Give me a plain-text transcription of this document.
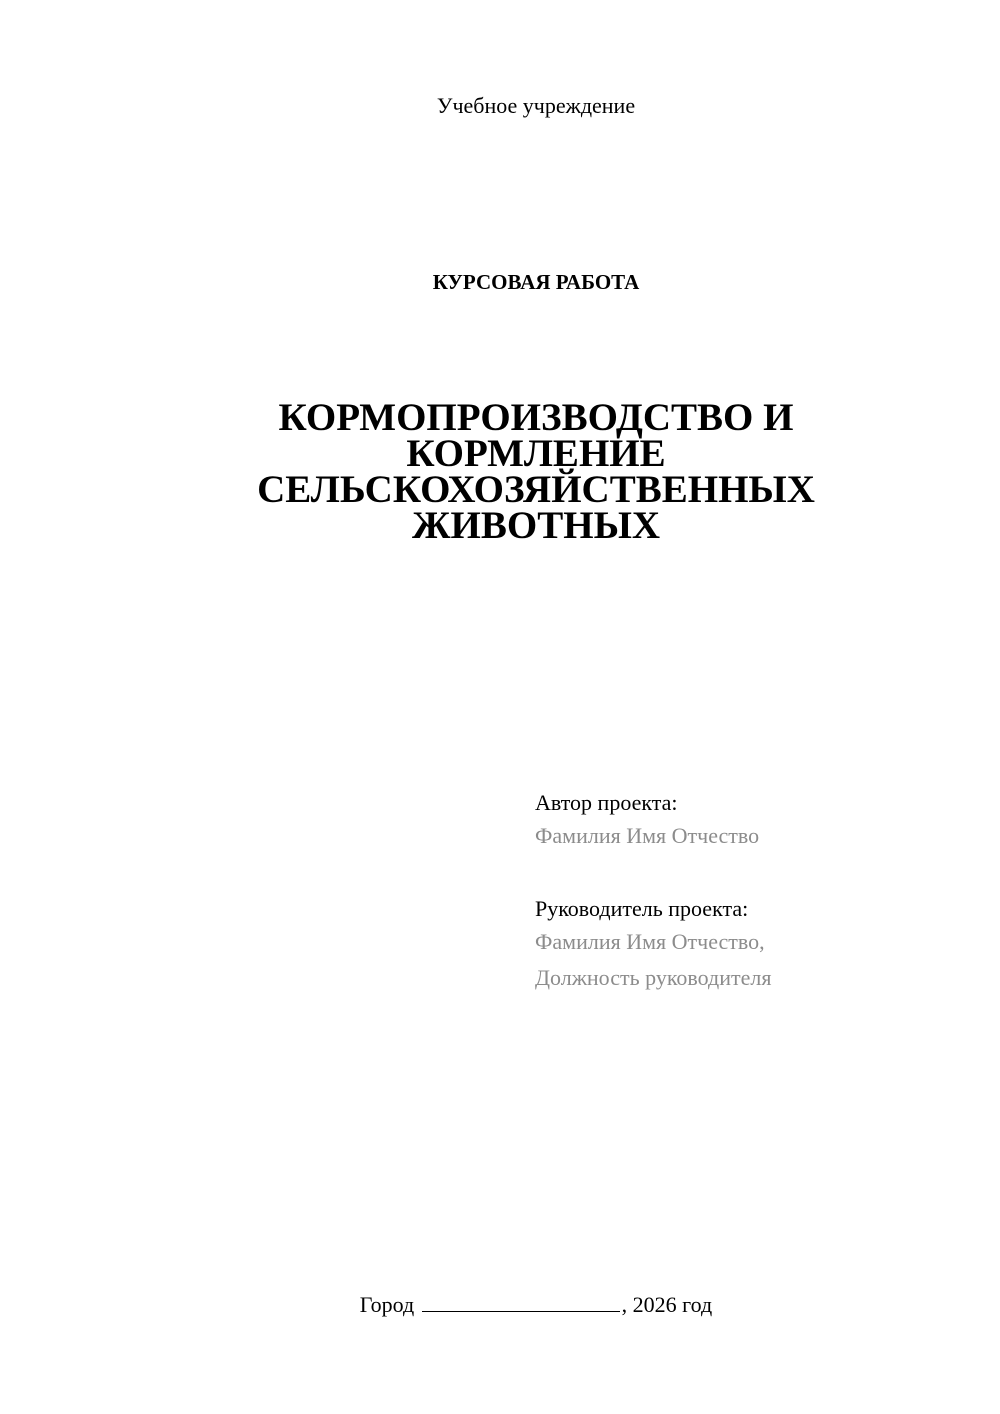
Учебное учреждение
КУРСОВАЯ РАБОТА
КОРМОПРОИЗВОДСТВО И
КОРМЛЕНИЕ
СЕЛЬСКОХОЗЯЙСТВЕННЫХ
ЖИВОТНЫХ
Автор проекта:
Фамилия Имя Отчество
Руководитель проекта:
Фамилия Имя Отчество,
Должность руководителя
Город	, 2026 год
